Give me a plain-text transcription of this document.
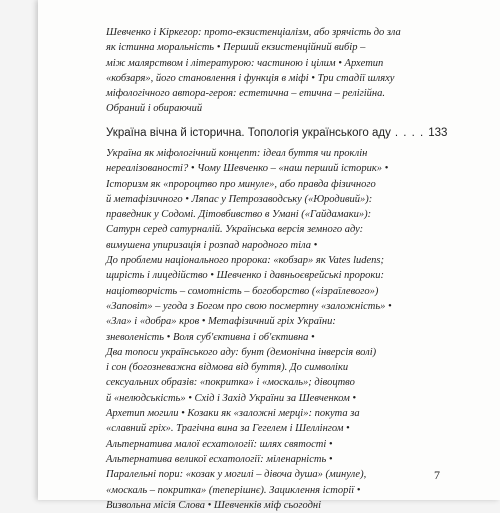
Шевченко і Кіркегор: прото-екзистенціалізм, або зрячість до зла
як істинна моральність • Перший екзистенційний вибір –
між малярством і літературою: частиною і цілим • Архетип
«кобзаря», його становлення і функція в міфі • Три стадії шляху
міфологічного автора-героя: естетична – етична – релігійна.
Обраний і обираючий
Україна вічна й історична. Топологія українського аду . . . . 133
Україна як міфологічний концепт: ідеал буття чи проклін
нереалізованості? • Чому Шевченко – «наш перший історик» •
Історизм як «пророцтво про минуле», або правда фізичного
й метафізичного • Ляпас у Петрозаводську («Юродивий»):
праведник у Содомі. Дітовбивство в Умані («Гайдамаки»):
Сатурн серед сатурналій. Українська версія земного аду:
вимушена упиризація і розпад народного тіла •
До проблеми національного пророка: «кобзар» як Vates ludens;
щирість і лицедійство • Шевченко і давньоєврейські пророки:
націотворчість – сомотність – богоборство («ізраїлевого»)
«Заповіт» – угода з Богом про свою посмертну «заложність» •
«Зла» і «добра» кров • Метафізичний гріх України:
зневоленість • Воля суб'єктивна і об'єктивна •
Два топоси українського аду: бунт (демонічна інверсія волі)
і сон (богозневажна відмова від буття). До символіки
сексуальних образів: «покритка» і «москаль»; дівоцтво
й «нелюдськість» • Схід і Захід України за Шевченком •
Архетип могили • Козаки як «заложні мерці»: покута за
«славний гріх». Трагічна вина за Гегелем і Шеллінгом •
Альтернатива малої есхатології: шлях святості •
Альтернатива великої есхатології: міленарність •
Паралельні пори: «козак у могилі – дівоча душа» (минуле),
«москаль – покритка» (теперішнє). Зациклення історії •
Визвольна місія Слова • Шевченків міф сьогодні
7
